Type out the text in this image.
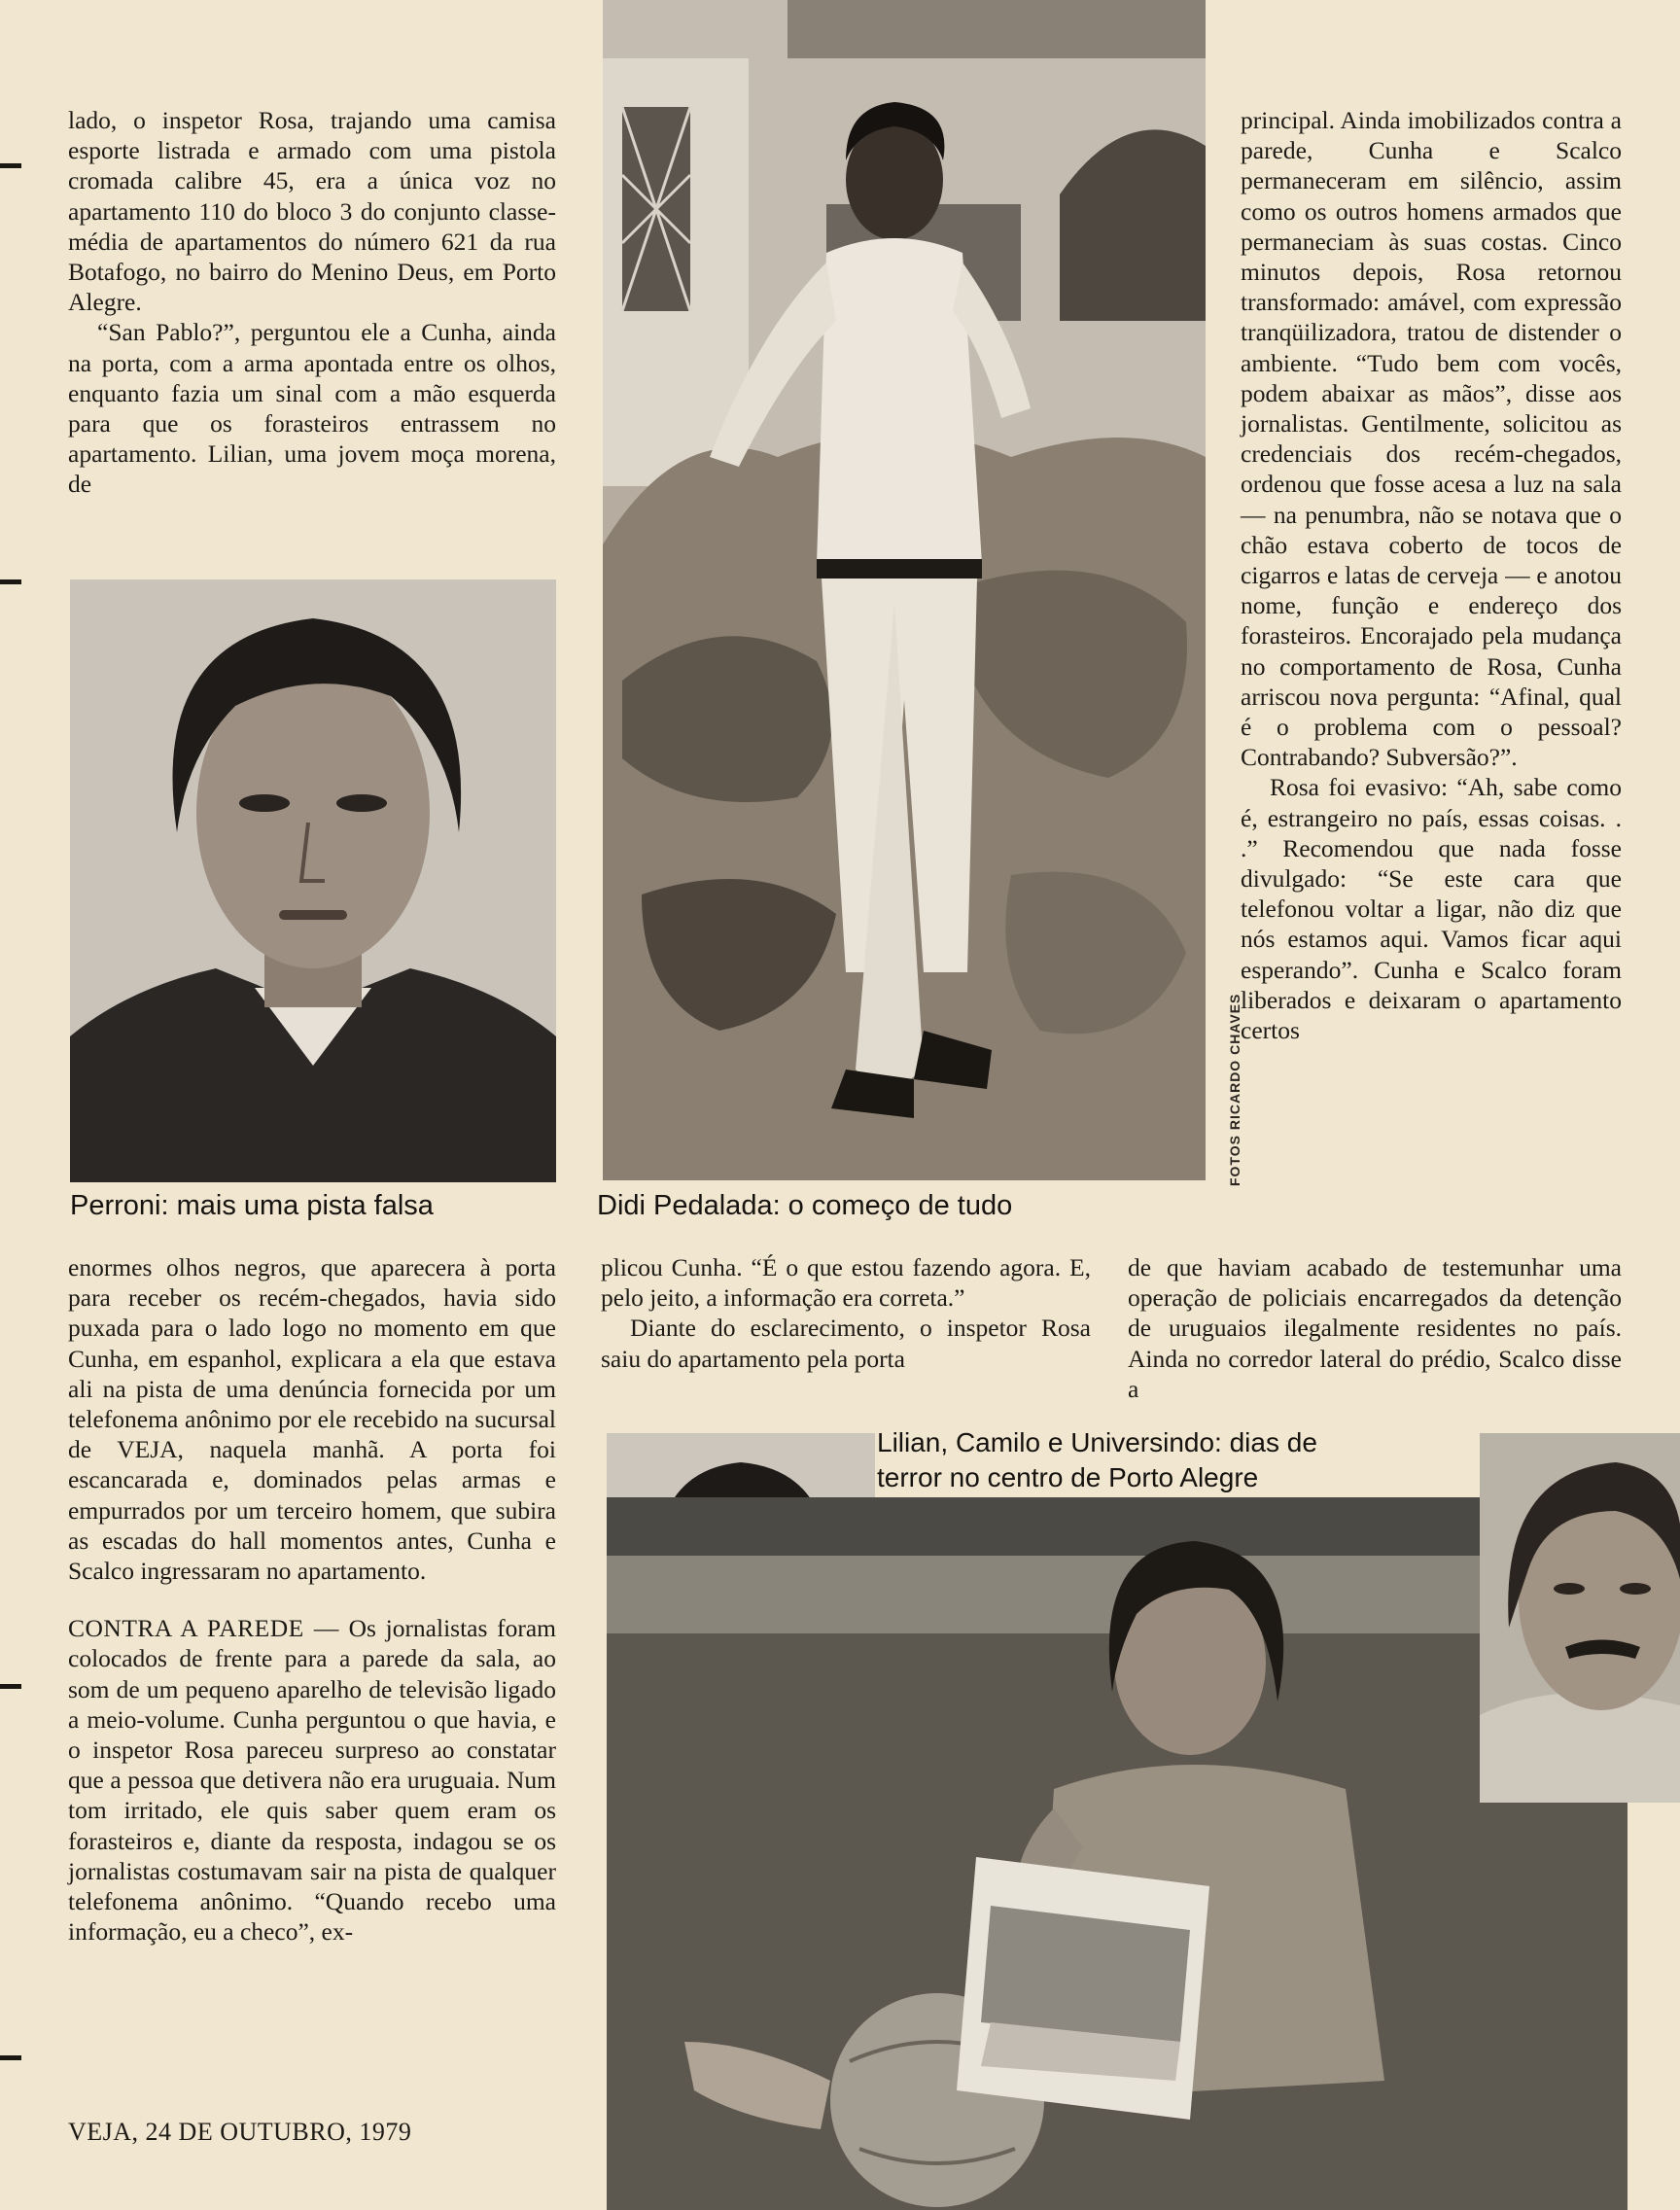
lado, o inspetor Rosa, trajando uma camisa esporte listrada e armado com uma pistola cromada calibre 45, era a única voz no apartamento 110 do bloco 3 do conjunto classe-média de apartamentos do número 621 da rua Botafogo, no bairro do Menino Deus, em Porto Alegre.

“San Pablo?”, perguntou ele a Cunha, ainda na porta, com a arma apontada entre os olhos, enquanto fazia um sinal com a mão esquerda para que os forasteiros entrassem no apartamento. Lilian, uma jovem moça morena, de

Perroni: mais uma pista falsa	Didi Pedalada: o começo de tudo
FOTOS RICARDO CHAVES

principal. Ainda imobilizados contra a parede, Cunha e Scalco permaneceram em silêncio, assim como os outros homens armados que permaneciam às suas costas. Cinco minutos depois, Rosa retornou transformado: amável, com expressão tranqüilizadora, tratou de distender o ambiente. “Tudo bem com vocês, podem abaixar as mãos”, disse aos jornalistas. Gentilmente, solicitou as credenciais dos recém-chegados, ordenou que fosse acesa a luz na sala — na penumbra, não se notava que o chão estava coberto de tocos de cigarros e latas de cerveja — e anotou nome, função e endereço dos forasteiros. Encorajado pela mudança no comportamento de Rosa, Cunha arriscou nova pergunta: “Afinal, qual é o problema com o pessoal? Contrabando? Subversão?”.

Rosa foi evasivo: “Ah, sabe como é, estrangeiro no país, essas coisas. . .” Recomendou que nada fosse divulgado: “Se este cara que telefonou voltar a ligar, não diz que nós estamos aqui. Vamos ficar aqui esperando”. Cunha e Scalco foram liberados e deixaram o apartamento certos

enormes olhos negros, que aparecera à porta para receber os recém-chegados, havia sido puxada para o lado logo no momento em que Cunha, em espanhol, explicara a ela que estava ali na pista de uma denúncia fornecida por um telefonema anônimo por ele recebido na sucursal de VEJA, naquela manhã. A porta foi escancarada e, dominados pelas armas e empurrados por um terceiro homem, que subira as escadas do hall momentos antes, Cunha e Scalco ingressaram no apartamento.

CONTRA A PAREDE — Os jornalistas foram colocados de frente para a parede da sala, ao som de um pequeno aparelho de televisão ligado a meio-volume. Cunha perguntou o que havia, e o inspetor Rosa pareceu surpreso ao constatar que a pessoa que detivera não era uruguaia. Num tom irritado, ele quis saber quem eram os forasteiros e, diante da resposta, indagou se os jornalistas costumavam sair na pista de qualquer telefonema anônimo. “Quando recebo uma informação, eu a checo”, ex-

plicou Cunha. “É o que estou fazendo agora. E, pelo jeito, a informação era correta.”

Diante do esclarecimento, o inspetor Rosa saiu do apartamento pela porta

de que haviam acabado de testemunhar uma operação de policiais encarregados da detenção de uruguaios ilegalmente residentes no país. Ainda no corredor lateral do prédio, Scalco disse a

Lilian, Camilo e Universindo: dias de terror no centro de Porto Alegre
VEJA, 24 DE OUTUBRO, 1979
